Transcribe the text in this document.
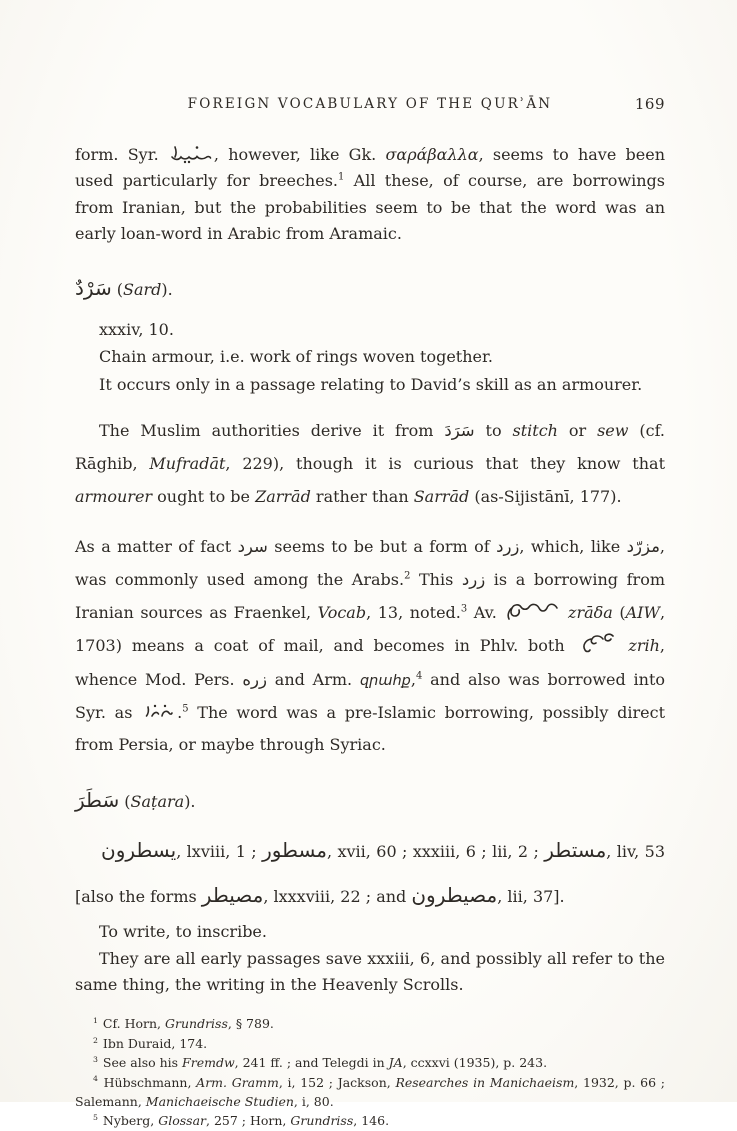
FOREIGN VOCABULARY OF THE QURʾĀN	169

form. Syr.	, however, like Gk. σαράβαλλα, seems to have been used particularly for breeches.$^1$ All these, of course, are borrowings from Iranian, but the probabilities seem to be that the word was an early loan-word in Arabic from Aramaic.

سَرْدٌ (Sard).

xxxiv, 10.

Chain armour, i.e. work of rings woven together.

It occurs only in a passage relating to David’s skill as an armourer.

The Muslim authorities derive it from سَرَدَ to stitch or sew (cf. Rāghib, Mufradāt, 229), though it is curious that they know that armourer ought to be Zarrād rather than Sarrād (as-Sijistānī, 177).

As a matter of fact سرد seems to be but a form of زرد, which, like مزرّد, was commonly used among the Arabs.$^2$ This زرد is a borrowing from Iranian sources as Fraenkel, Vocab, 13, noted.$^3$ Av.	zrāδa (AIW, 1703) means a coat of mail, and becomes in Phlv. both	zrih, whence Mod. Pers. زره and Arm. զրահք,$^4$ and also was borrowed into Syr. as .$^5$ The word was a pre-Islamic borrowing, possibly direct from Persia, or maybe through Syriac.

سَطَرَ (Saṭara).

يسطرون, lxviii, 1 ; مسطور, xvii, 60 ; xxxiii, 6 ; lii, 2 ; مستطر, liv, 53 [also the forms مصيطر, lxxxviii, 22 ; and مصيطرون, lii, 37].

To write, to inscribe.

They are all early passages save xxxiii, 6, and possibly all refer to the same thing, the writing in the Heavenly Scrolls.

$^1$ Cf. Horn, Grundriss, § 789.

$^2$ Ibn Duraid, 174.

$^3$ See also his Fremdw, 241 ff. ; and Telegdi in JA, ccxxvi (1935), p. 243.

$^4$ Hübschmann, Arm. Gramm, i, 152 ; Jackson, Researches in Manichaeism, 1932, p. 66 ; Salemann, Manichaeische Studien, i, 80.

$^5$ Nyberg, Glossar, 257 ; Horn, Grundriss, 146.
